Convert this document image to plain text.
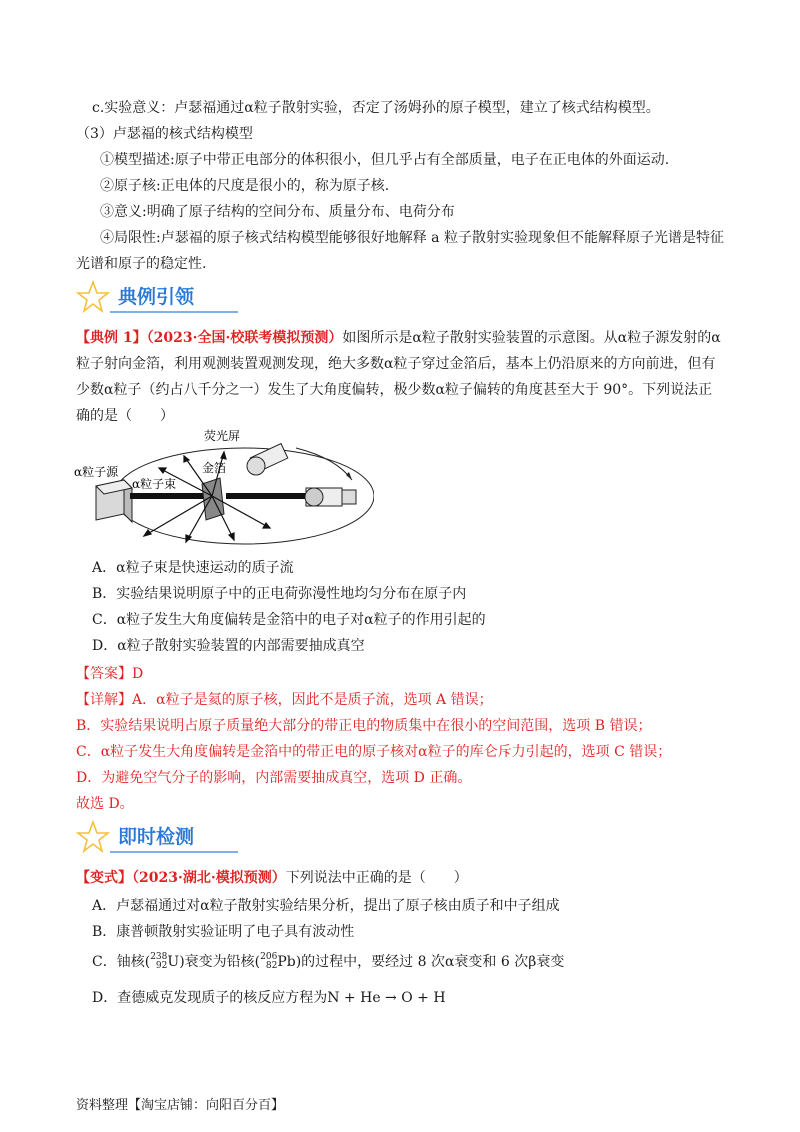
c.实验意义：卢瑟福通过α粒子散射实验，否定了汤姆孙的原子模型，建立了核式结构模型。
（3）卢瑟福的核式结构模型
①模型描述:原子中带正电部分的体积很小，但几乎占有全部质量，电子在正电体的外面运动.
②原子核:正电体的尺度是很小的，称为原子核.
③意义:明确了原子结构的空间分布、质量分布、电荷分布
④局限性:卢瑟福的原子核式结构模型能够很好地解释 a 粒子散射实验现象但不能解释原子光谱是特征
光谱和原子的稳定性.
典例引领
【典例 1】（2023·全国·校联考模拟预测）如图所示是α粒子散射实验装置的示意图。从α粒子源发射的α
粒子射向金箔，利用观测装置观测发现，绝大多数α粒子穿过金箔后，基本上仍沿原来的方向前进，但有
少数α粒子（约占八千分之一）发生了大角度偏转，极少数α粒子偏转的角度甚至大于 90°。下列说法正
确的是（　　）
荧光屏
α粒子源	金箔
α粒子束
A．α粒子束是快速运动的质子流
B．实验结果说明原子中的正电荷弥漫性地均匀分布在原子内
C．α粒子发生大角度偏转是金箔中的电子对α粒子的作用引起的
D．α粒子散射实验装置的内部需要抽成真空
【答案】D
【详解】A．α粒子是氦的原子核，因此不是质子流，选项 A 错误；
B．实验结果说明占原子质量绝大部分的带正电的物质集中在很小的空间范围，选项 B 错误；
C．α粒子发生大角度偏转是金箔中的带正电的原子核对α粒子的库仑斥力引起的，选项 C 错误；
D．为避免空气分子的影响，内部需要抽成真空，选项 D 正确。
故选 D。
即时检测
【变式】（2023·湖北·模拟预测）下列说法中正确的是（　　）
A．卢瑟福通过对α粒子散射实验结果分析，提出了原子核由质子和中子组成
B．康普顿散射实验证明了电子具有波动性
C．铀核( 238
92 U)衰变为铅核( 206
82 Pb)的过程中，要经过 8 次α衰变和 6 次β衰变
D．查德威克发现质子的核反应方程为N + He → O + H
资料整理【淘宝店铺：向阳百分百】
